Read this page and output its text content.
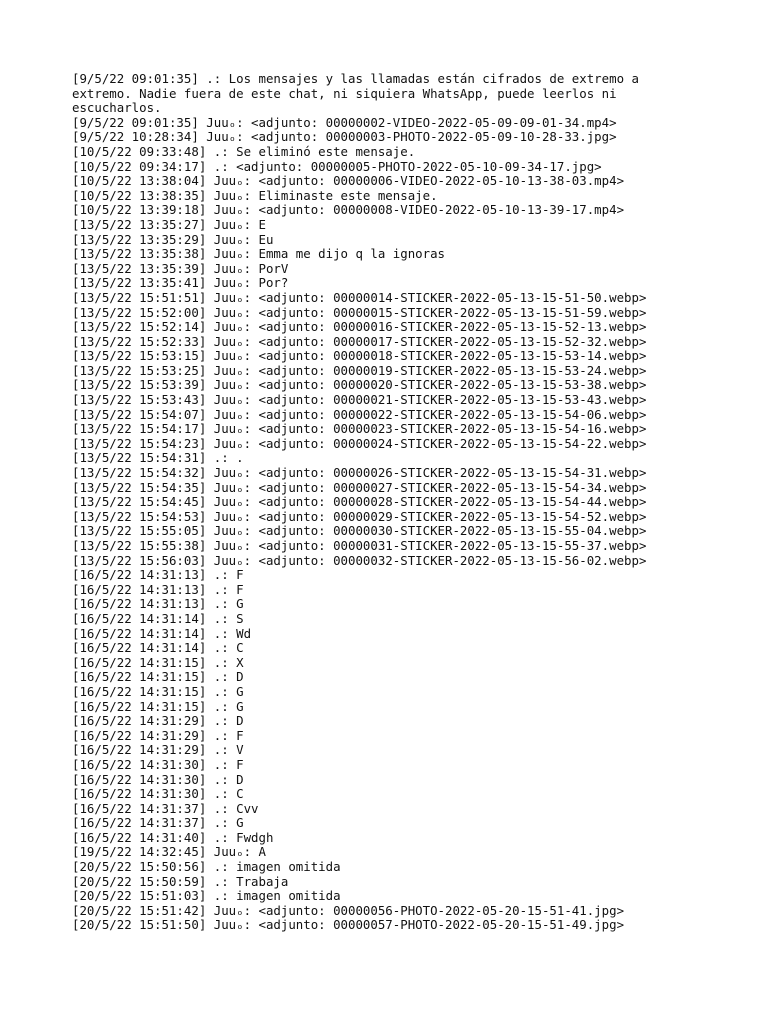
[9/5/22 09:01:35] .: Los mensajes y las llamadas están cifrados de extremo a extremo. Nadie fuera de este chat, ni siquiera WhatsApp, puede leerlos ni escucharlos.
[9/5/22 09:01:35] Juuₒ: <adjunto: 00000002-VIDEO-2022-05-09-09-01-34.mp4>
[9/5/22 10:28:34] Juuₒ: <adjunto: 00000003-PHOTO-2022-05-09-10-28-33.jpg>
[10/5/22 09:33:48] .: Se eliminó este mensaje.
[10/5/22 09:34:17] .: <adjunto: 00000005-PHOTO-2022-05-10-09-34-17.jpg>
[10/5/22 13:38:04] Juuₒ: <adjunto: 00000006-VIDEO-2022-05-10-13-38-03.mp4>
[10/5/22 13:38:35] Juuₒ: Eliminaste este mensaje.
[10/5/22 13:39:18] Juuₒ: <adjunto: 00000008-VIDEO-2022-05-10-13-39-17.mp4>
[13/5/22 13:35:27] Juuₒ: E
[13/5/22 13:35:29] Juuₒ: Eu
[13/5/22 13:35:38] Juuₒ: Emma me dijo q la ignoras
[13/5/22 13:35:39] Juuₒ: PorV
[13/5/22 13:35:41] Juuₒ: Por?
[13/5/22 15:51:51] Juuₒ: <adjunto: 00000014-STICKER-2022-05-13-15-51-50.webp>
[13/5/22 15:52:00] Juuₒ: <adjunto: 00000015-STICKER-2022-05-13-15-51-59.webp>
[13/5/22 15:52:14] Juuₒ: <adjunto: 00000016-STICKER-2022-05-13-15-52-13.webp>
[13/5/22 15:52:33] Juuₒ: <adjunto: 00000017-STICKER-2022-05-13-15-52-32.webp>
[13/5/22 15:53:15] Juuₒ: <adjunto: 00000018-STICKER-2022-05-13-15-53-14.webp>
[13/5/22 15:53:25] Juuₒ: <adjunto: 00000019-STICKER-2022-05-13-15-53-24.webp>
[13/5/22 15:53:39] Juuₒ: <adjunto: 00000020-STICKER-2022-05-13-15-53-38.webp>
[13/5/22 15:53:43] Juuₒ: <adjunto: 00000021-STICKER-2022-05-13-15-53-43.webp>
[13/5/22 15:54:07] Juuₒ: <adjunto: 00000022-STICKER-2022-05-13-15-54-06.webp>
[13/5/22 15:54:17] Juuₒ: <adjunto: 00000023-STICKER-2022-05-13-15-54-16.webp>
[13/5/22 15:54:23] Juuₒ: <adjunto: 00000024-STICKER-2022-05-13-15-54-22.webp>
[13/5/22 15:54:31] .: .
[13/5/22 15:54:32] Juuₒ: <adjunto: 00000026-STICKER-2022-05-13-15-54-31.webp>
[13/5/22 15:54:35] Juuₒ: <adjunto: 00000027-STICKER-2022-05-13-15-54-34.webp>
[13/5/22 15:54:45] Juuₒ: <adjunto: 00000028-STICKER-2022-05-13-15-54-44.webp>
[13/5/22 15:54:53] Juuₒ: <adjunto: 00000029-STICKER-2022-05-13-15-54-52.webp>
[13/5/22 15:55:05] Juuₒ: <adjunto: 00000030-STICKER-2022-05-13-15-55-04.webp>
[13/5/22 15:55:38] Juuₒ: <adjunto: 00000031-STICKER-2022-05-13-15-55-37.webp>
[13/5/22 15:56:03] Juuₒ: <adjunto: 00000032-STICKER-2022-05-13-15-56-02.webp>
[16/5/22 14:31:13] .: F
[16/5/22 14:31:13] .: F
[16/5/22 14:31:13] .: G
[16/5/22 14:31:14] .: S
[16/5/22 14:31:14] .: Wd
[16/5/22 14:31:14] .: C
[16/5/22 14:31:15] .: X
[16/5/22 14:31:15] .: D
[16/5/22 14:31:15] .: G
[16/5/22 14:31:15] .: G
[16/5/22 14:31:29] .: D
[16/5/22 14:31:29] .: F
[16/5/22 14:31:29] .: V
[16/5/22 14:31:30] .: F
[16/5/22 14:31:30] .: D
[16/5/22 14:31:30] .: C
[16/5/22 14:31:37] .: Cvv
[16/5/22 14:31:37] .: G
[16/5/22 14:31:40] .: Fwdgh
[19/5/22 14:32:45] Juuₒ: A
[20/5/22 15:50:56] .: imagen omitida
[20/5/22 15:50:59] .: Trabaja
[20/5/22 15:51:03] .: imagen omitida
[20/5/22 15:51:42] Juuₒ: <adjunto: 00000056-PHOTO-2022-05-20-15-51-41.jpg>
[20/5/22 15:51:50] Juuₒ: <adjunto: 00000057-PHOTO-2022-05-20-15-51-49.jpg>
